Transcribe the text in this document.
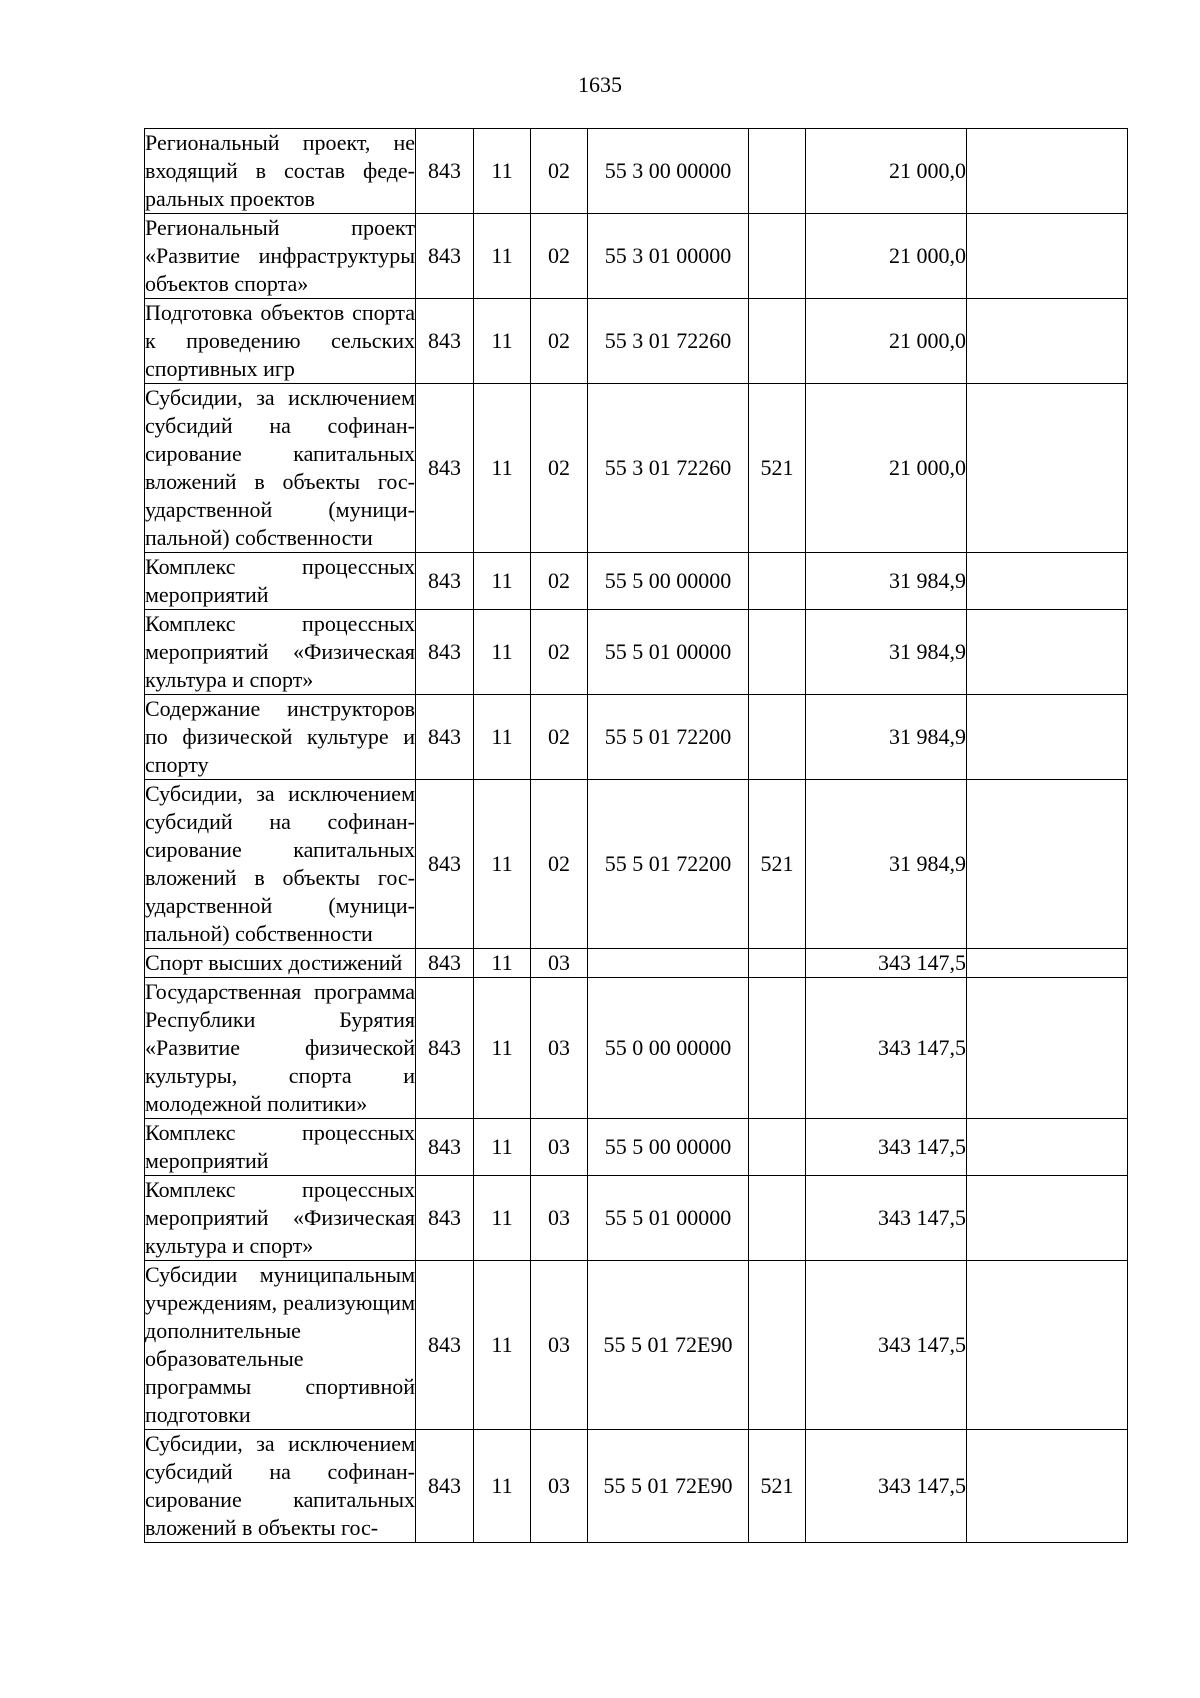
1635
Региональный проект, не входящий в состав федеральных проектов	843	11	02	55 3 00 00000		21 000,0	
Региональный проект «Развитие инфраструктуры объектов спорта»	843	11	02	55 3 01 00000		21 000,0	
Подготовка объектов спорта к проведению сельских спортивных игр	843	11	02	55 3 01 72260		21 000,0	
Субсидии, за исключением субсидий на софинансирование капитальных вложений в объекты государственной (муниципальной) собственности	843	11	02	55 3 01 72260	521	21 000,0	
Комплекс процессных мероприятий	843	11	02	55 5 00 00000		31 984,9	
Комплекс процессных мероприятий «Физическая культура и спорт»	843	11	02	55 5 01 00000		31 984,9	
Содержание инструкторов по физической культуре и спорту	843	11	02	55 5 01 72200		31 984,9	
Субсидии, за исключением субсидий на софинансирование капитальных вложений в объекты государственной (муниципальной) собственности	843	11	02	55 5 01 72200	521	31 984,9	
Спорт высших достижений	843	11	03			343 147,5	
Государственная программа Республики Бурятия «Развитие физической культуры, спорта и молодежной политики»	843	11	03	55 0 00 00000		343 147,5	
Комплекс процессных мероприятий	843	11	03	55 5 00 00000		343 147,5	
Комплекс процессных мероприятий «Физическая культура и спорт»	843	11	03	55 5 01 00000		343 147,5	
Субсидии муниципальным учреждениям, реализующим дополнительные образовательные программы спортивной подготовки	843	11	03	55 5 01 72Е90		343 147,5	
Субсидии, за исключением субсидий на софинансирование капитальных вложений в объекты гос-	843	11	03	55 5 01 72Е90	521	343 147,5	
